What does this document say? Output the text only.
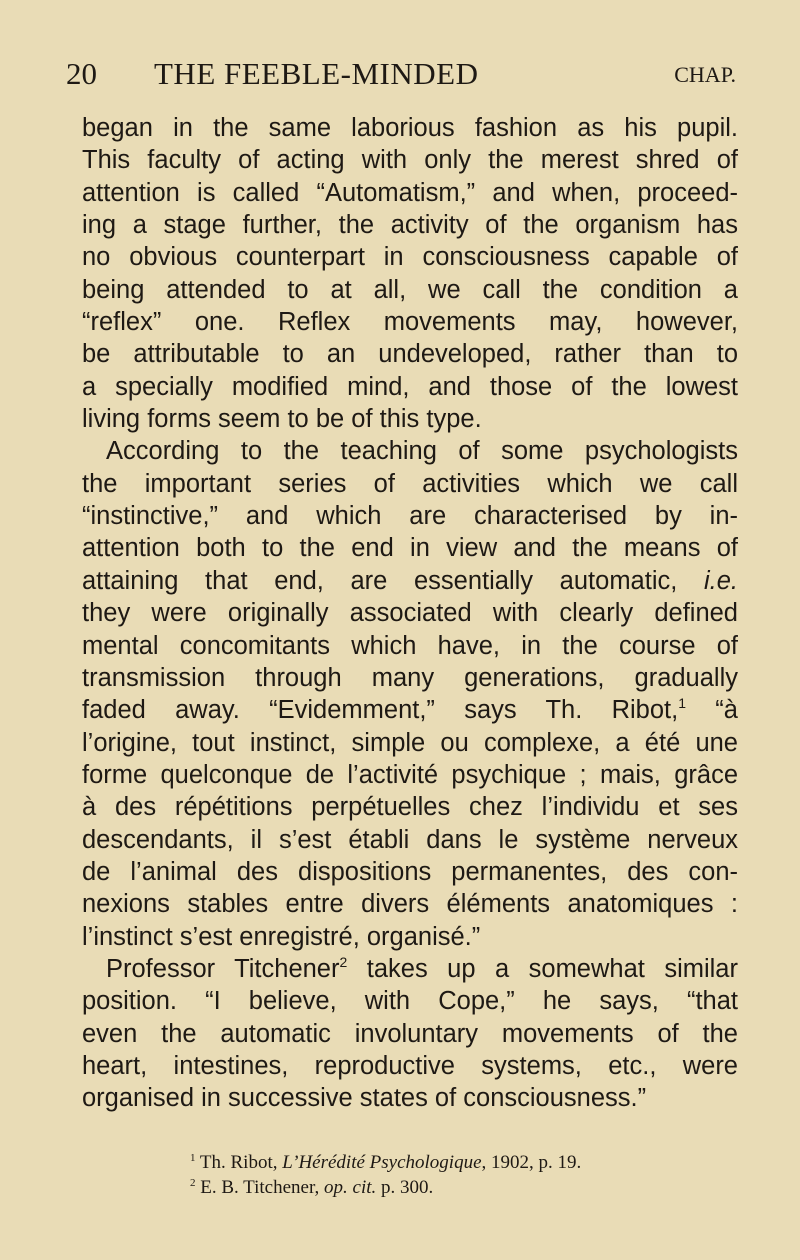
20 THE FEEBLE-MINDED	CHAP.
began in the same laborious fashion as his pupil.
This faculty of acting with only the merest shred of
attention is called “Automatism,” and when, proceed-
ing a stage further, the activity of the organism has
no obvious counterpart in consciousness capable of
being attended to at all, we call the condition a
“reflex” one. Reflex movements may, however,
be attributable to an undeveloped, rather than to
a specially modified mind, and those of the lowest
living forms seem to be of this type.
According to the teaching of some psychologists
the important series of activities which we call
“instinctive,” and which are characterised by in-
attention both to the end in view and the means of
attaining that end, are essentially automatic, i.e.
they were originally associated with clearly defined
mental concomitants which have, in the course of
transmission through many generations, gradually
faded away. “Evidemment,” says Th. Ribot,$^1$ “à
l’origine, tout instinct, simple ou complexe, a été une
forme quelconque de l’activité psychique ; mais, grâce
à des répétitions perpétuelles chez l’individu et ses
descendants, il s’est établi dans le système nerveux
de l’animal des dispositions permanentes, des con-
nexions stables entre divers éléments anatomiques :
l’instinct s’est enregistré, organisé.”
Professor Titchener$^2$ takes up a somewhat similar
position. “I believe, with Cope,” he says, “that
even the automatic involuntary movements of the
heart, intestines, reproductive systems, etc., were
organised in successive states of consciousness.”
$^1$ Th. Ribot, L’Hérédité Psychologique, 1902, p. 19.
$^2$ E. B. Titchener, op. cit. p. 300.
